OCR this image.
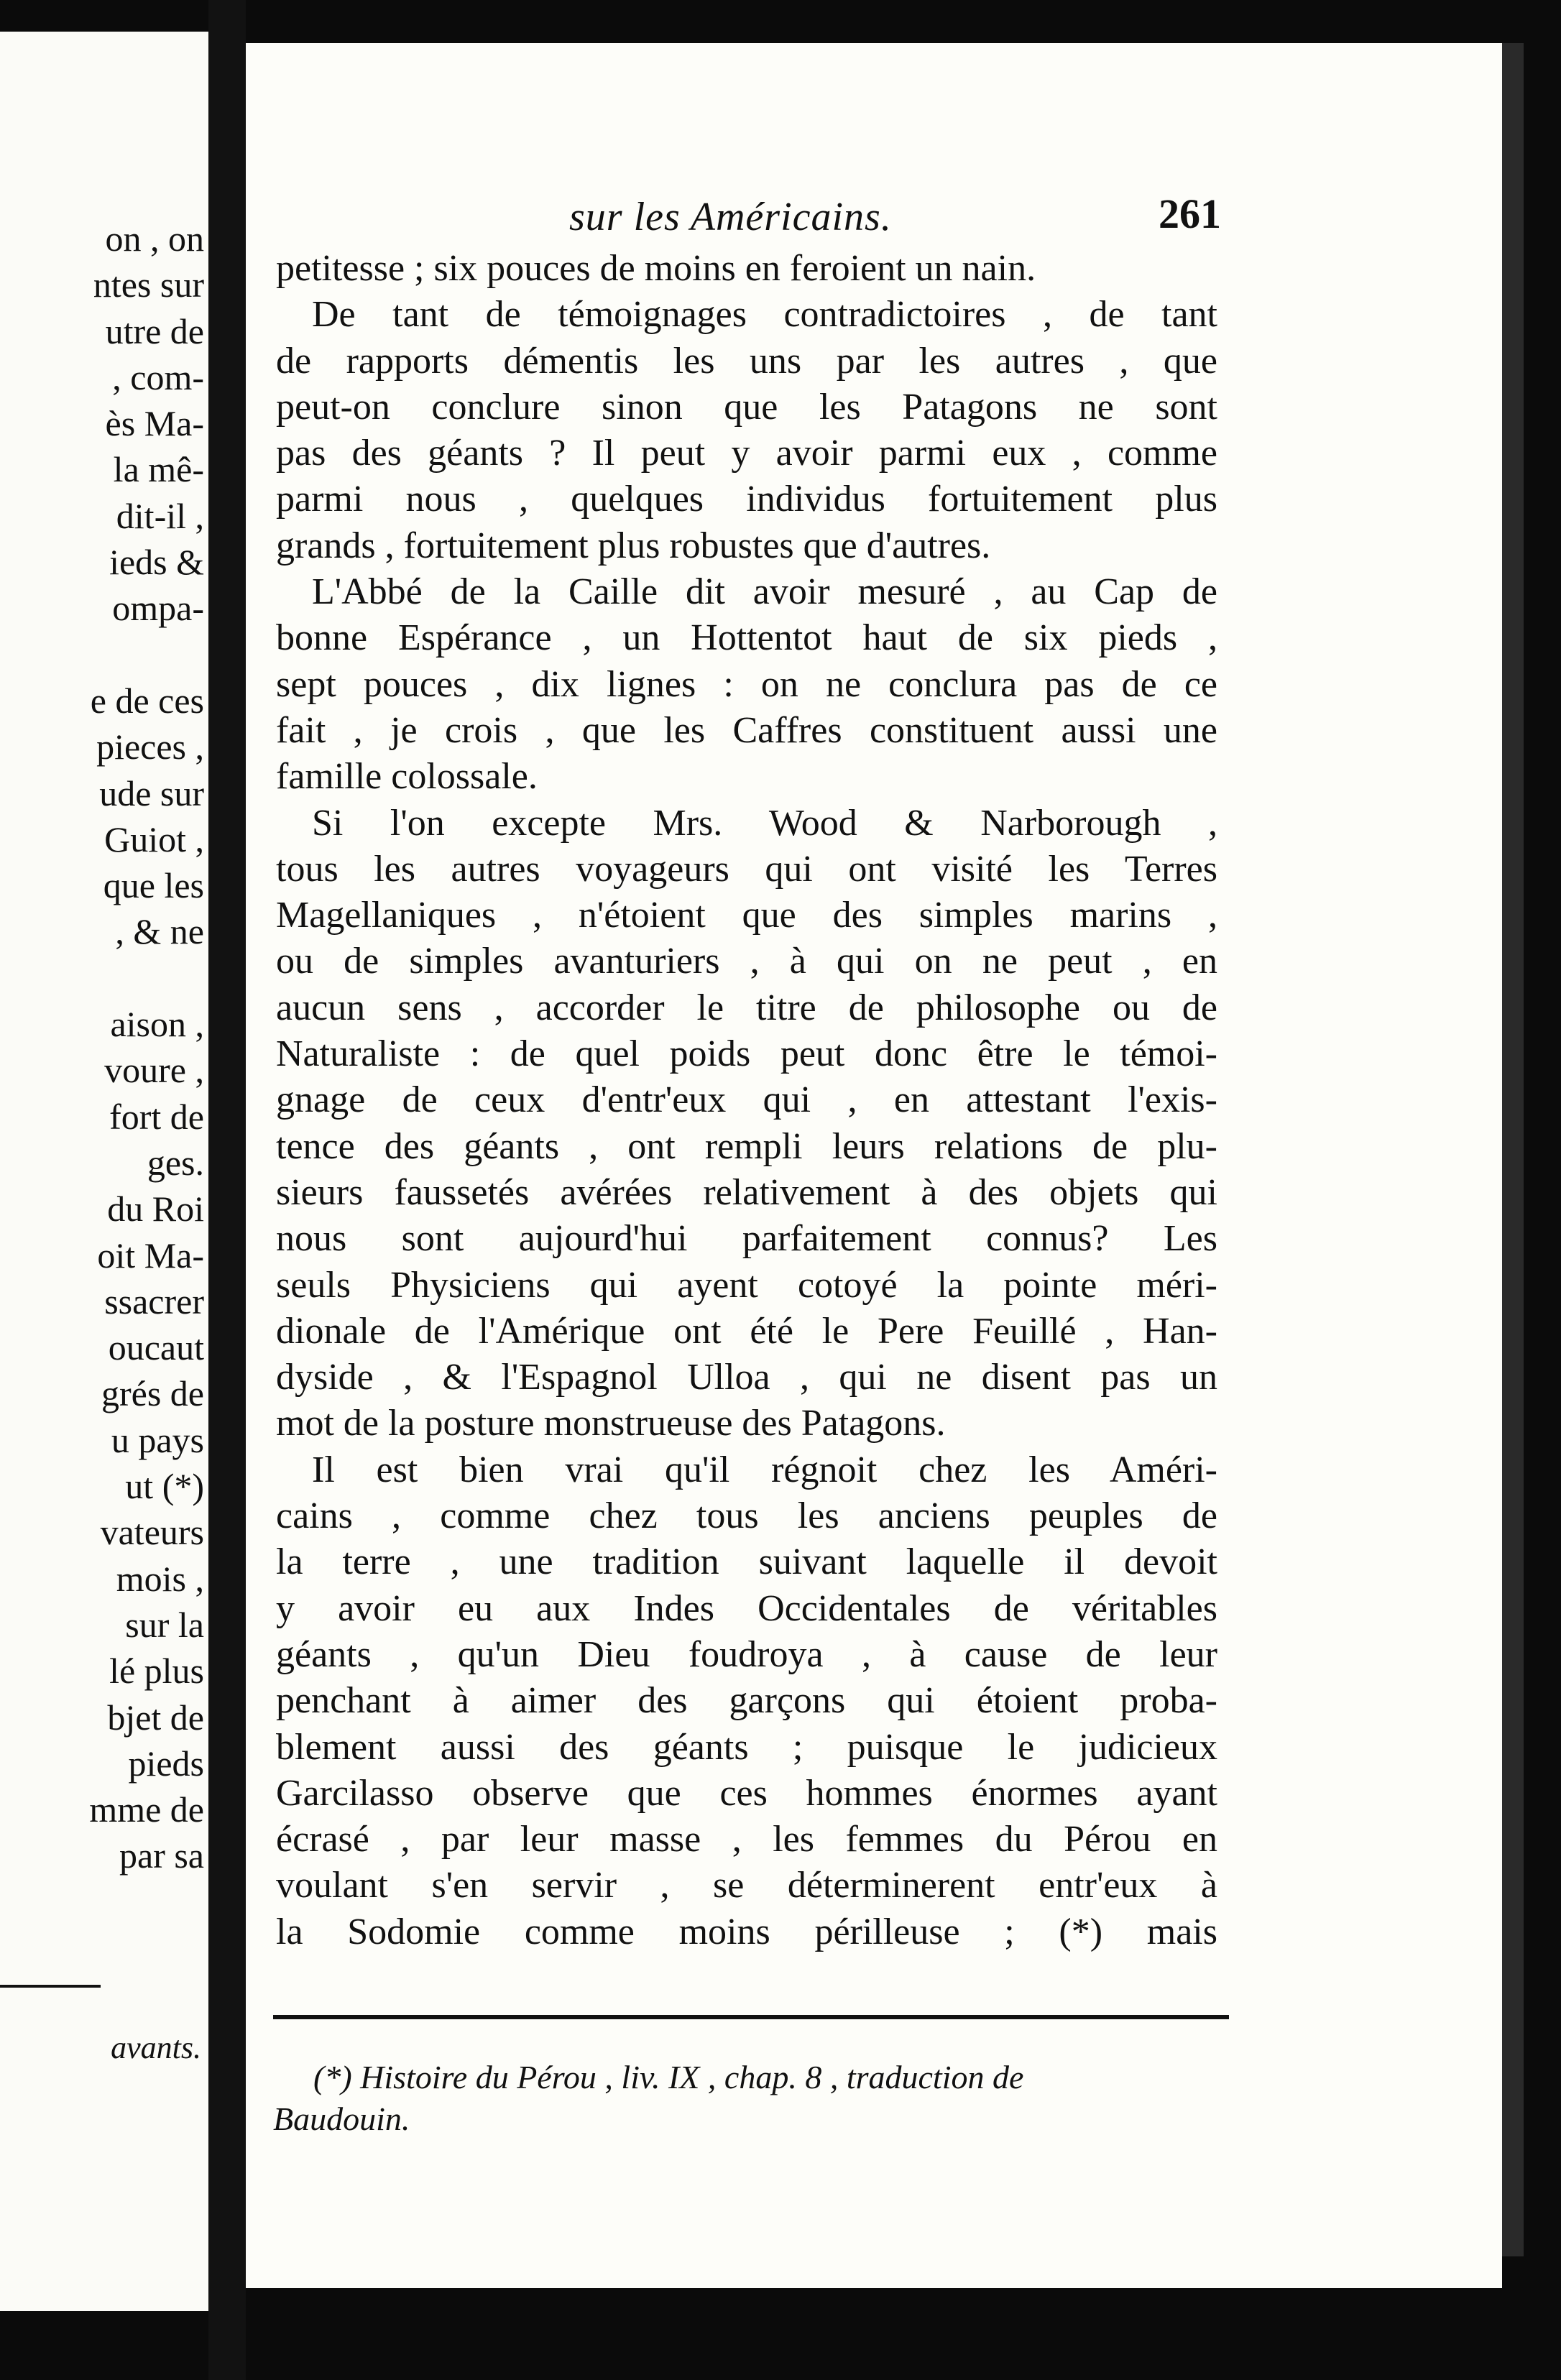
on , on
ntes sur
utre de
, com-
ès Ma-
la mê-
dit-il ,
ieds &
ompa-
e de ces
pieces ,
ude sur
Guiot ,
que les
, & ne
aison ,
voure ,
fort de
ges.
du Roi
oit Ma-
ssacrer
oucaut
grés de
u pays
ut (*)
vateurs
mois ,
sur la
lé plus
bjet de
pieds
mme de
par sa
avants.
sur les Américains.	261
petitesse ; six pouces de moins en feroient un nain.
De tant de témoignages contradictoires , de tant
de rapports démentis les uns par les autres , que
peut-on conclure sinon que les Patagons ne sont
pas des géants ? Il peut y avoir parmi eux , comme
parmi nous , quelques individus fortuitement plus
grands , fortuitement plus robustes que d'autres.
L'Abbé de la Caille dit avoir mesuré , au Cap de
bonne Espérance , un Hottentot haut de six pieds ,
sept pouces , dix lignes : on ne conclura pas de ce
fait , je crois , que les Caffres constituent aussi une
famille colossale.
Si l'on excepte Mrs. Wood & Narborough ,
tous les autres voyageurs qui ont visité les Terres
Magellaniques , n'étoient que des simples marins ,
ou de simples avanturiers , à qui on ne peut , en
aucun sens , accorder le titre de philosophe ou de
Naturaliste : de quel poids peut donc être le témoi-
gnage de ceux d'entr'eux qui , en attestant l'exis-
tence des géants , ont rempli leurs relations de plu-
sieurs faussetés avérées relativement à des objets qui
nous sont aujourd'hui parfaitement connus? Les
seuls Physiciens qui ayent cotoyé la pointe méri-
dionale de l'Amérique ont été le Pere Feuillé , Han-
dyside , & l'Espagnol Ulloa , qui ne disent pas un
mot de la posture monstrueuse des Patagons.
Il est bien vrai qu'il régnoit chez les Améri-
cains , comme chez tous les anciens peuples de
la terre , une tradition suivant laquelle il devoit
y avoir eu aux Indes Occidentales de véritables
géants , qu'un Dieu foudroya , à cause de leur
penchant à aimer des garçons qui étoient proba-
blement aussi des géants ; puisque le judicieux
Garcilasso observe que ces hommes énormes ayant
écrasé , par leur masse , les femmes du Pérou en
voulant s'en servir , se déterminerent entr'eux à
la Sodomie comme moins périlleuse ; (*) mais
(*) Histoire du Pérou , liv. IX , chap. 8 , traduction de
Baudouin.
